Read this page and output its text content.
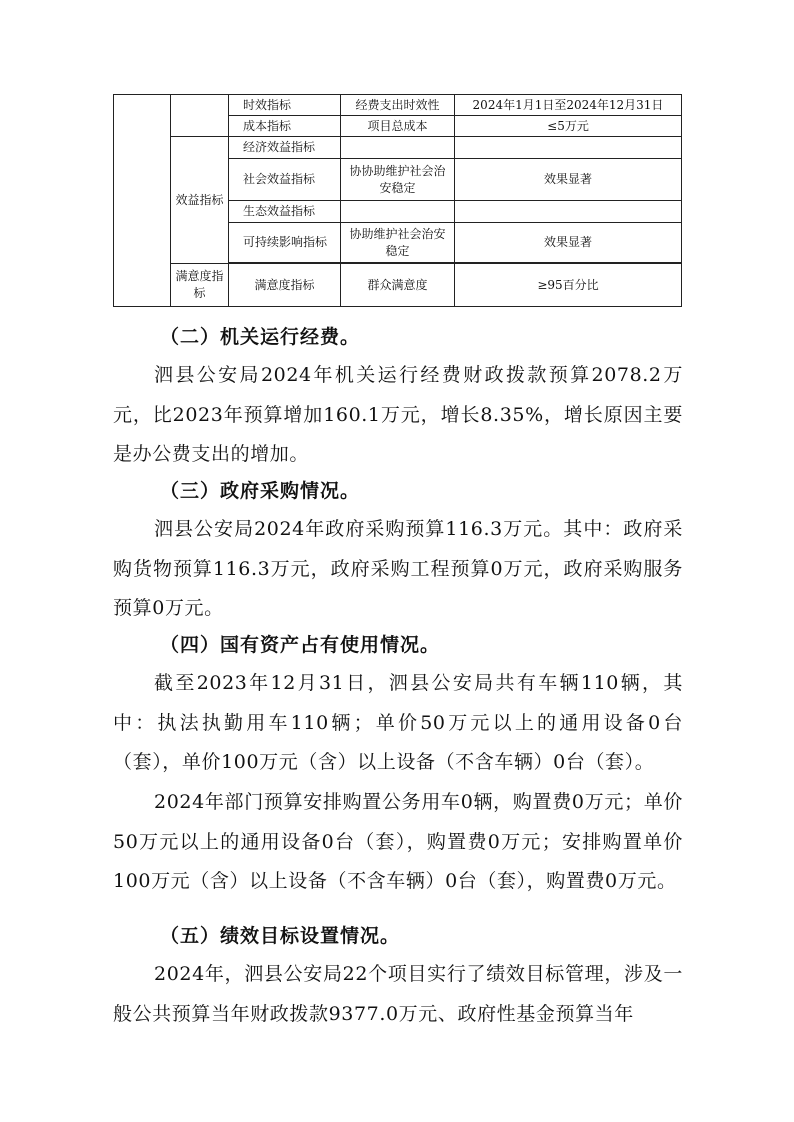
		时效指标	经费支出时效性	2024年1月1日至2024年12月31日
		成本指标	项目总成本	≤5万元
	效益指标	经济效益指标		
		社会效益指标	协协助维护社会治安稳定	效果显著
		生态效益指标		
		可持续影响指标	协助维护社会治安稳定	效果显著

	满意度指标	满意度指标	群众满意度	≥95百分比
（二）机关运行经费。

泗县公安局2024年机关运行经费财政拨款预算2078.2万元，比2023年预算增加160.1万元，增长8.35%，增长原因主要是办公费支出的增加。

（三）政府采购情况。

泗县公安局2024年政府采购预算116.3万元。其中：政府采购货物预算116.3万元，政府采购工程预算0万元，政府采购服务预算0万元。

（四）国有资产占有使用情况。

截至2023年12月31日，泗县公安局共有车辆110辆，其中：执法执勤用车110辆；单价50万元以上的通用设备0台（套），单价100万元（含）以上设备（不含车辆）0台（套）。

2024年部门预算安排购置公务用车0辆，购置费0万元；单价50万元以上的通用设备0台（套），购置费0万元；安排购置单价100万元（含）以上设备（不含车辆）0台（套），购置费0万元。

（五）绩效目标设置情况。

2024年，泗县公安局22个项目实行了绩效目标管理，涉及一般公共预算当年财政拨款9377.0万元、政府性基金预算当年
